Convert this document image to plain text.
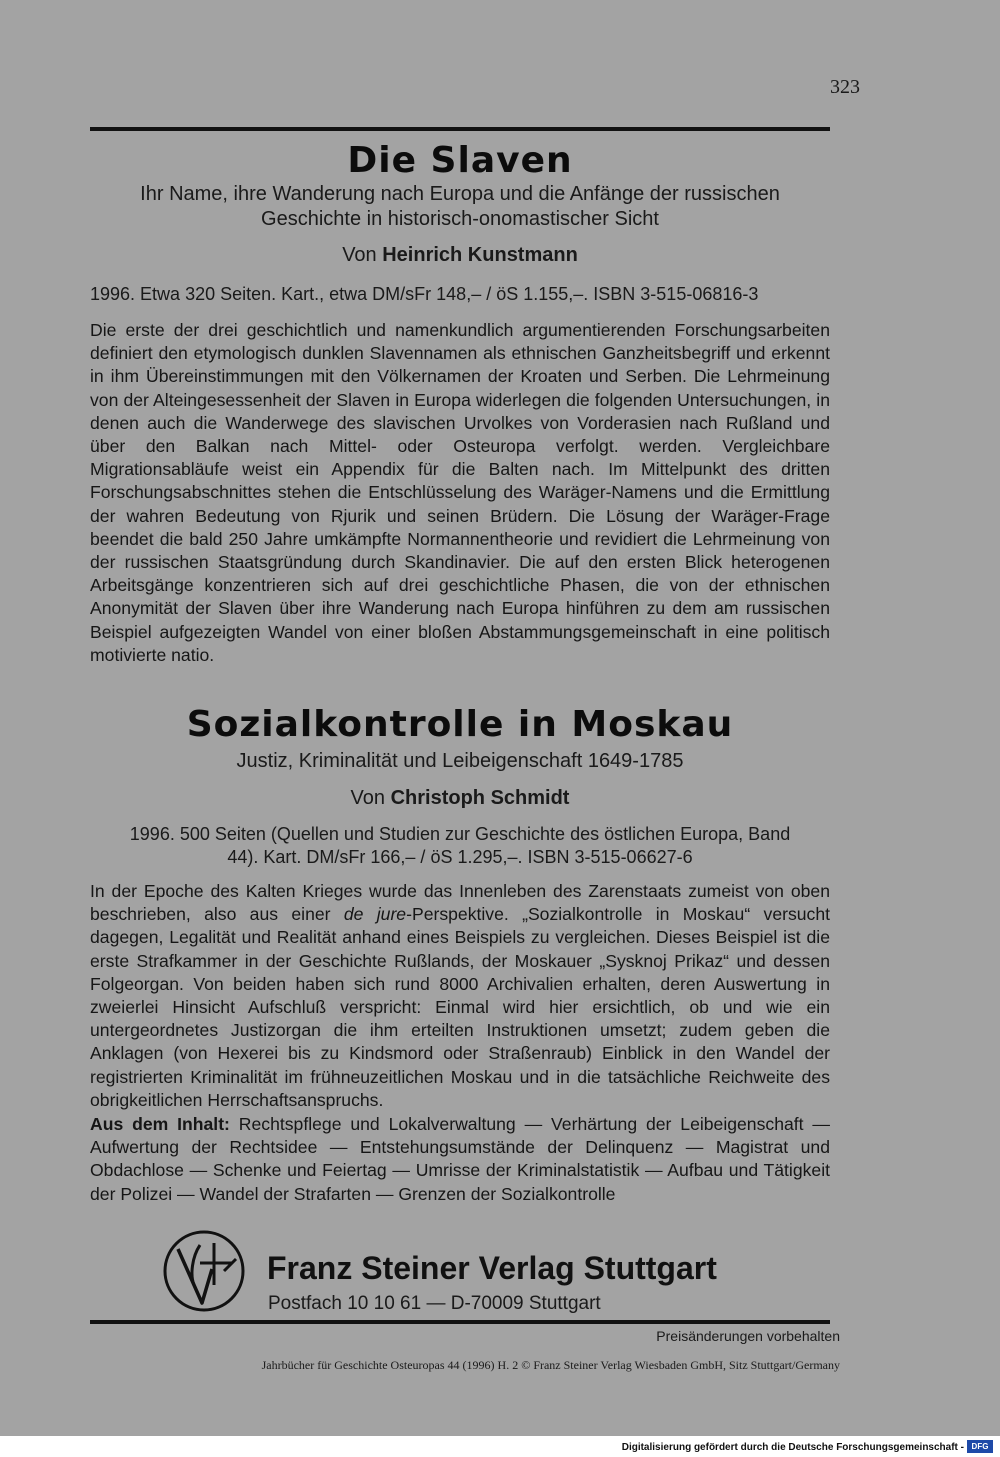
323
Die Slaven
Ihr Name, ihre Wanderung nach Europa und die Anfänge der russischen
Geschichte in historisch-onomastischer Sicht
Von Heinrich Kunstmann
1996. Etwa 320 Seiten. Kart., etwa DM/sFr 148,– / öS 1.155,–. ISBN 3-515-06816-3

Die erste der drei geschichtlich und namenkundlich argumentierenden Forschungsarbeiten definiert den etymologisch dunklen Slavennamen als ethnischen Ganzheitsbegriff und erkennt in ihm Übereinstimmungen mit den Völkernamen der Kroaten und Serben. Die Lehrmeinung von der Alteingesessenheit der Slaven in Europa widerlegen die folgenden Untersuchungen, in denen auch die Wanderwege des slavischen Urvolkes von Vorderasien nach Rußland und über den Balkan nach Mittel- oder Osteuropa verfolgt. werden. Vergleichbare Migrationsabläufe weist ein Appendix für die Balten nach. Im Mittelpunkt des dritten Forschungsabschnittes stehen die Entschlüsselung des Waräger-Namens und die Ermittlung der wahren Bedeutung von Rjurik und seinen Brüdern. Die Lösung der Waräger-Frage beendet die bald 250 Jahre umkämpfte Normannentheorie und revidiert die Lehrmeinung von der russischen Staatsgründung durch Skandinavier. Die auf den ersten Blick heterogenen Arbeitsgänge konzentrieren sich auf drei geschichtliche Phasen, die von der ethnischen Anonymität der Slaven über ihre Wanderung nach Europa hinführen zu dem am russischen Beispiel aufgezeigten Wandel von einer bloßen Abstammungsgemeinschaft in eine politisch motivierte natio.

Sozialkontrolle in Moskau
Justiz, Kriminalität und Leibeigenschaft 1649-1785
Von Christoph Schmidt
1996. 500 Seiten (Quellen und Studien zur Geschichte des östlichen Europa, Band
44). Kart. DM/sFr 166,– / öS 1.295,–. ISBN 3-515-06627-6

In der Epoche des Kalten Krieges wurde das Innenleben des Zarenstaats zumeist von oben beschrieben, also aus einer de jure-Perspektive. „Sozialkontrolle in Moskau“ versucht dagegen, Legalität und Realität anhand eines Beispiels zu vergleichen. Dieses Beispiel ist die erste Strafkammer in der Geschichte Rußlands, der Moskauer „Sysknoj Prikaz“ und dessen Folgeorgan. Von beiden haben sich rund 8000 Archivalien erhalten, deren Auswertung in zweierlei Hinsicht Aufschluß verspricht: Einmal wird hier ersichtlich, ob und wie ein untergeordnetes Justizorgan die ihm erteilten Instruktionen umsetzt; zudem geben die Anklagen (von Hexerei bis zu Kindsmord oder Straßenraub) Einblick in den Wandel der registrierten Kriminalität im frühneuzeitlichen Moskau und in die tatsächliche Reichweite des obrigkeitlichen Herrschaftsanspruchs.

Aus dem Inhalt: Rechtspflege und Lokalverwaltung — Verhärtung der Leibeigenschaft — Aufwertung der Rechtsidee — Entstehungsumstände der Delinquenz — Magistrat und Obdachlose — Schenke und Feiertag — Umrisse der Kriminalstatistik — Aufbau und Tätigkeit der Polizei — Wandel der Strafarten — Grenzen der Sozialkontrolle

Franz Steiner Verlag Stuttgart
Postfach 10 10 61 — D-70009 Stuttgart
Preisänderungen vorbehalten
Jahrbücher für Geschichte Osteuropas 44 (1996) H. 2 © Franz Steiner Verlag Wiesbaden GmbH, Sitz Stuttgart/Germany
Digitalisierung gefördert durch die Deutsche Forschungsgemeinschaft - DFG
